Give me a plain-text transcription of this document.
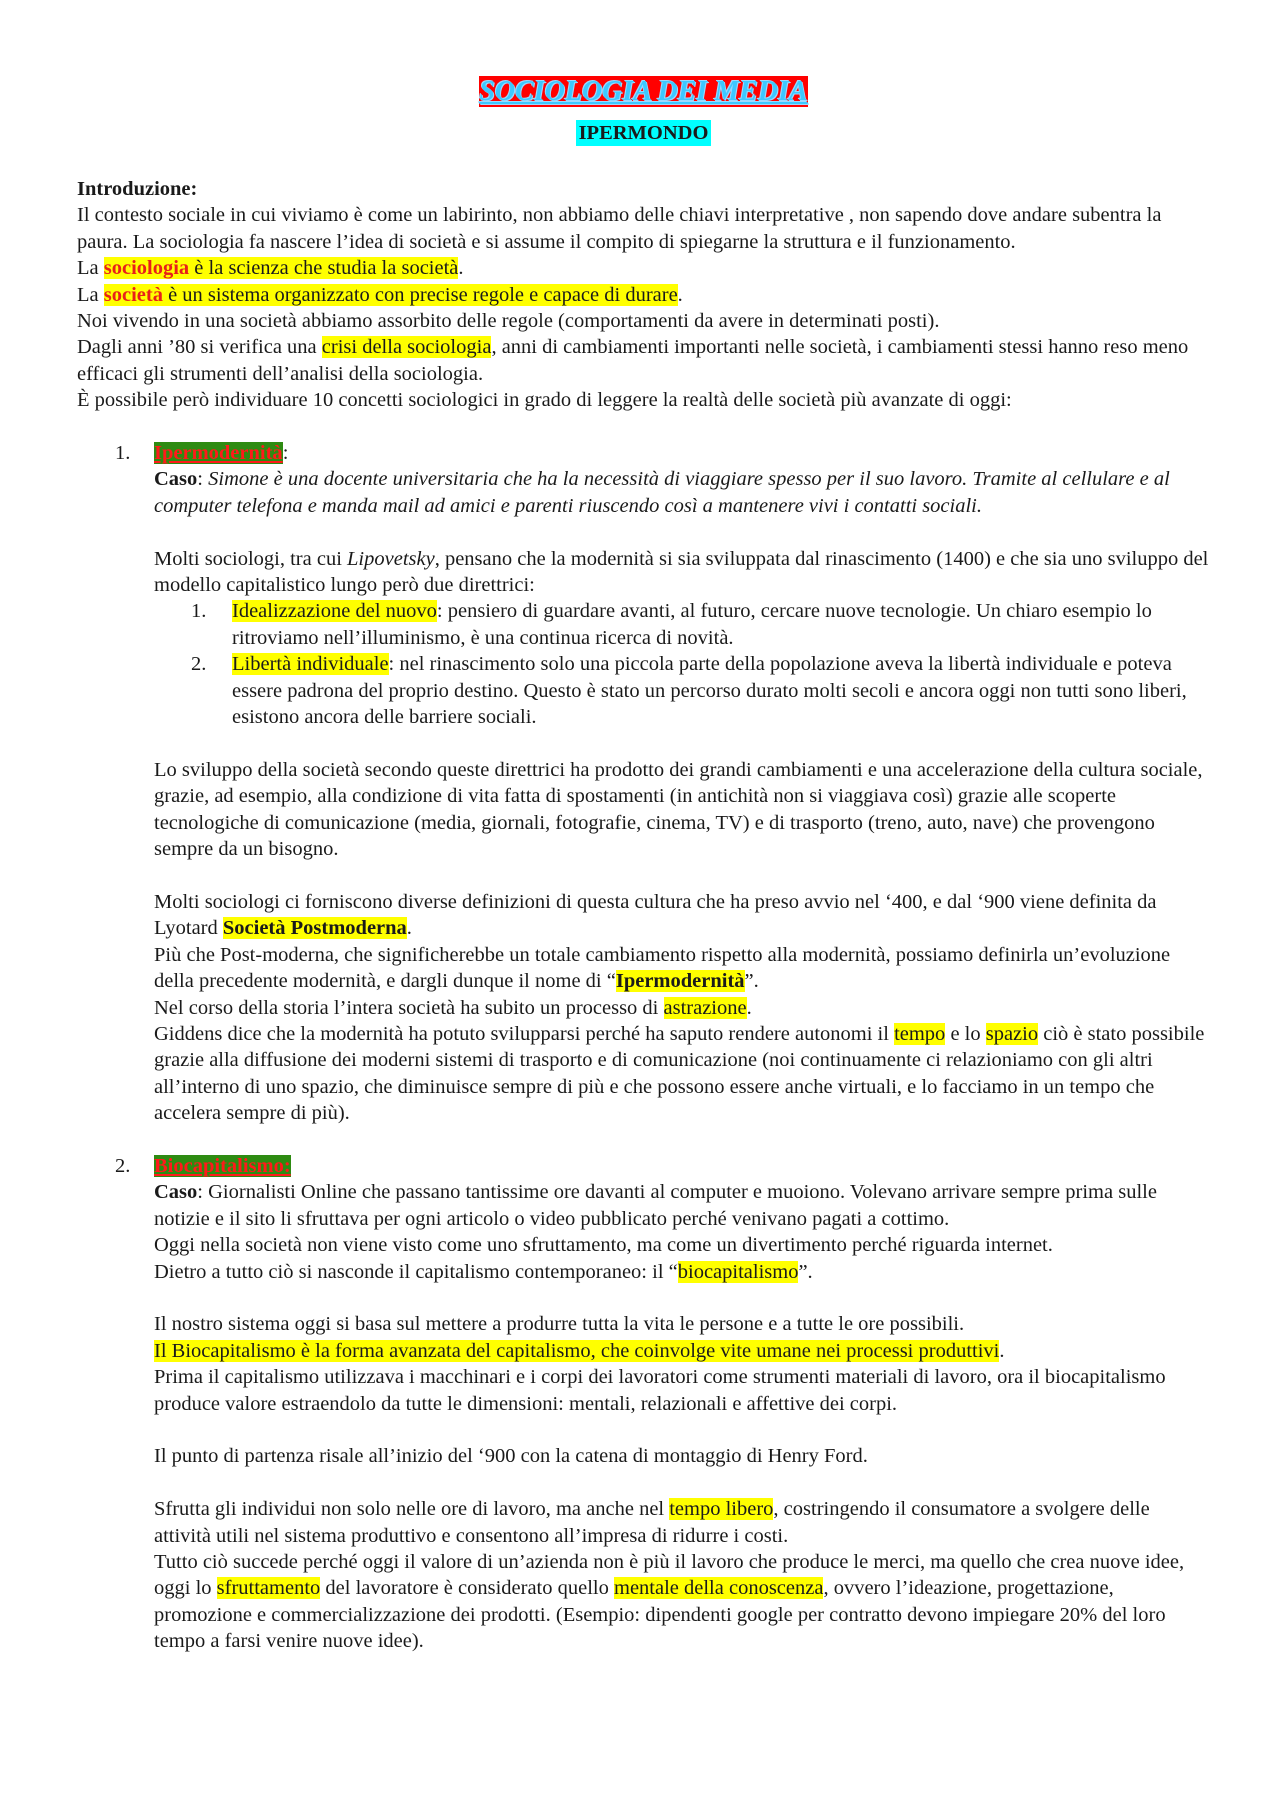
SOCIOLOGIA DEI MEDIA
IPERMONDO

Introduzione:

Il contesto sociale in cui viviamo è come un labirinto, non abbiamo delle chiavi interpretative , non sapendo dove andare subentra la paura. La sociologia fa nascere l’idea di società e si assume il compito di spiegarne la struttura e il funzionamento.

La sociologia è la scienza che studia la società.

La società è un sistema organizzato con precise regole e capace di durare.

Noi vivendo in una società abbiamo assorbito delle regole (comportamenti da avere in determinati posti).

Dagli anni ’80 si verifica una crisi della sociologia, anni di cambiamenti importanti nelle società, i cambiamenti stessi hanno reso meno efficaci gli strumenti dell’analisi della sociologia.

È possibile però individuare 10 concetti sociologici in grado di leggere la realtà delle società più avanzate di oggi:

1. Ipermodernità:

Caso: Simone è una docente universitaria che ha la necessità di viaggiare spesso per il suo lavoro. Tramite al cellulare e al computer telefona e manda mail ad amici e parenti riuscendo così a mantenere vivi i contatti sociali.

Molti sociologi, tra cui Lipovetsky, pensano che la modernità si sia sviluppata dal rinascimento (1400) e che sia uno sviluppo del modello capitalistico lungo però due direttrici:

1. Idealizzazione del nuovo: pensiero di guardare avanti, al futuro, cercare nuove tecnologie. Un chiaro esempio lo ritroviamo nell’illuminismo, è una continua ricerca di novità.

2. Libertà individuale: nel rinascimento solo una piccola parte della popolazione aveva la libertà individuale e poteva essere padrona del proprio destino. Questo è stato un percorso durato molti secoli e ancora oggi non tutti sono liberi, esistono ancora delle barriere sociali.

Lo sviluppo della società secondo queste direttrici ha prodotto dei grandi cambiamenti e una accelerazione della cultura sociale, grazie, ad esempio, alla condizione di vita fatta di spostamenti (in antichità non si viaggiava così) grazie alle scoperte tecnologiche di comunicazione (media, giornali, fotografie, cinema, TV) e di trasporto (treno, auto, nave) che provengono sempre da un bisogno.

Molti sociologi ci forniscono diverse definizioni di questa cultura che ha preso avvio nel ‘400, e dal ‘900 viene definita da Lyotard Società Postmoderna.

Più che Post-moderna, che significherebbe un totale cambiamento rispetto alla modernità, possiamo definirla un’evoluzione della precedente modernità, e dargli dunque il nome di “Ipermodernità”.

Nel corso della storia l’intera società ha subito un processo di astrazione.

Giddens dice che la modernità ha potuto svilupparsi perché ha saputo rendere autonomi il tempo e lo spazio ciò è stato possibile grazie alla diffusione dei moderni sistemi di trasporto e di comunicazione (noi continuamente ci relazioniamo con gli altri all’interno di uno spazio, che diminuisce sempre di più e che possono essere anche virtuali, e lo facciamo in un tempo che accelera sempre di più).

2. Biocapitalismo:

Caso: Giornalisti Online che passano tantissime ore davanti al computer e muoiono. Volevano arrivare sempre prima sulle notizie e il sito li sfruttava per ogni articolo o video pubblicato perché venivano pagati a cottimo.

Oggi nella società non viene visto come uno sfruttamento, ma come un divertimento perché riguarda internet.

Dietro a tutto ciò si nasconde il capitalismo contemporaneo: il “biocapitalismo”.

Il nostro sistema oggi si basa sul mettere a produrre tutta la vita le persone e a tutte le ore possibili.

Il Biocapitalismo è la forma avanzata del capitalismo, che coinvolge vite umane nei processi produttivi.

Prima il capitalismo utilizzava i macchinari e i corpi dei lavoratori come strumenti materiali di lavoro, ora il biocapitalismo produce valore estraendolo da tutte le dimensioni: mentali, relazionali e affettive dei corpi.

Il punto di partenza risale all’inizio del ‘900 con la catena di montaggio di Henry Ford.

Sfrutta gli individui non solo nelle ore di lavoro, ma anche nel tempo libero, costringendo il consumatore a svolgere delle attività utili nel sistema produttivo e consentono all’impresa di ridurre i costi.

Tutto ciò succede perché oggi il valore di un’azienda non è più il lavoro che produce le merci, ma quello che crea nuove idee, oggi lo sfruttamento del lavoratore è considerato quello mentale della conoscenza, ovvero l’ideazione, progettazione, promozione e commercializzazione dei prodotti. (Esempio: dipendenti google per contratto devono impiegare 20% del loro tempo a farsi venire nuove idee).
